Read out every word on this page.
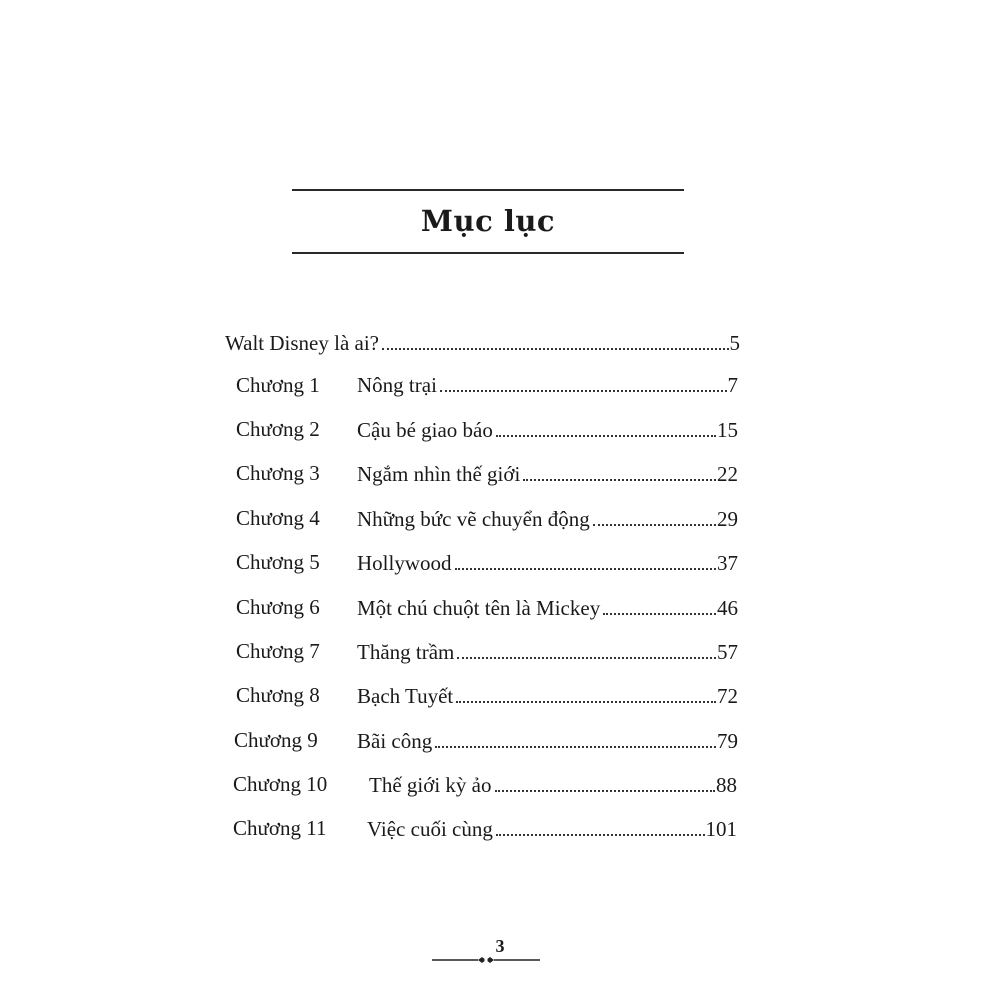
Mục lục
Walt Disney là ai?	5
Chương 1 Nông trại	7
Chương 2 Cậu bé giao báo	15
Chương 3 Ngắm nhìn thế giới	22
Chương 4 Những bức vẽ chuyển động	29
Chương 5 Hollywood	37
Chương 6 Một chú chuột tên là Mickey	46
Chương 7 Thăng trầm	57
Chương 8 Bạch Tuyết	72
Chương 9 Bãi công	79
Chương 10 Thế giới kỳ ảo	88
Chương 11 Việc cuối cùng	101
3
